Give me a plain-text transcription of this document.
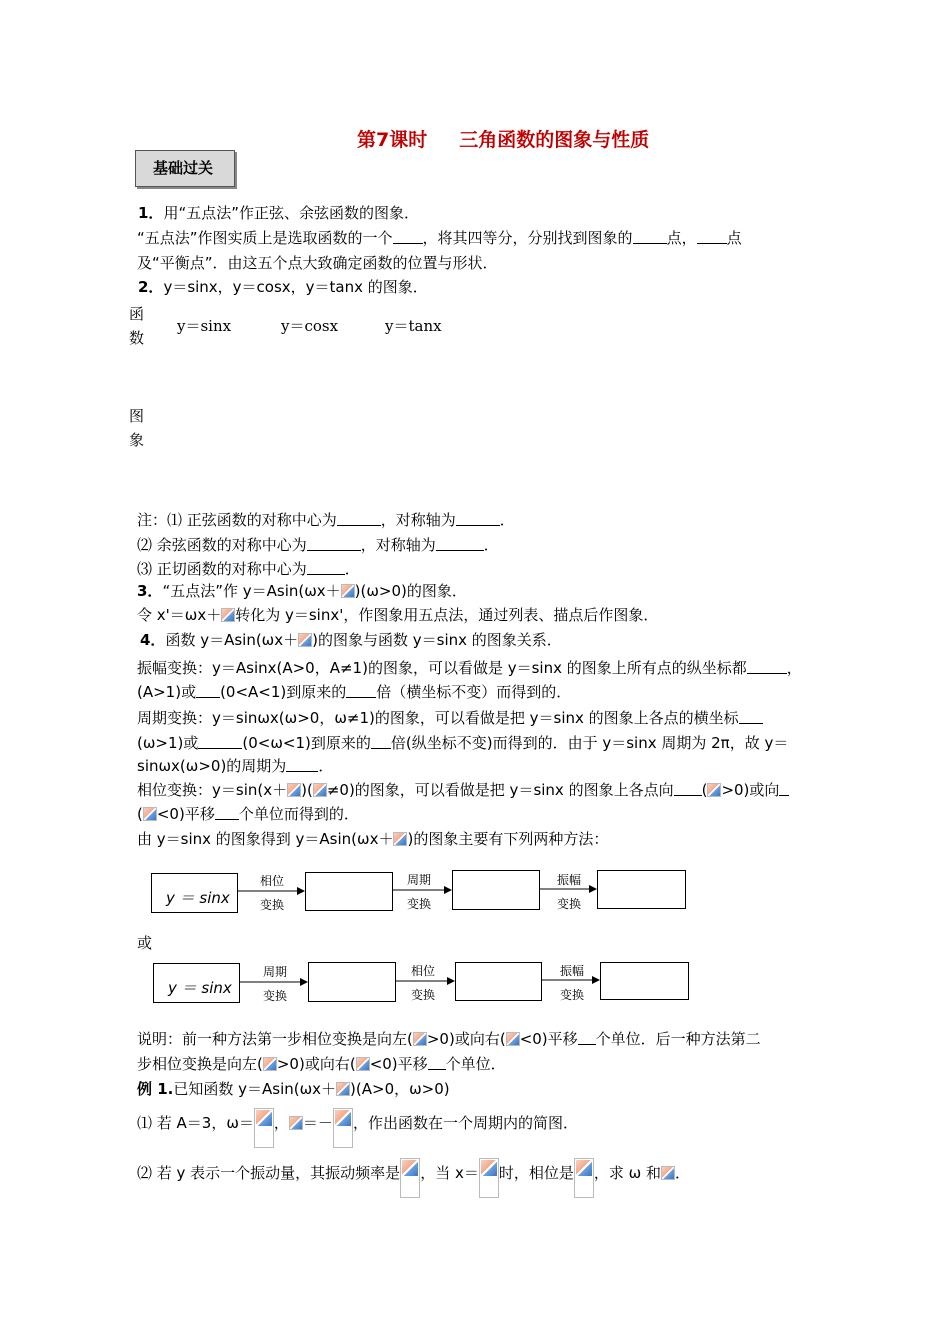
第7课时 三角函数的图象与性质
基础过关
1．用“五点法”作正弦、余弦函数的图象．
“五点法”作图实质上是选取函数的一个 ，将其四等分，分别找到图象的 点， 点
及“平衡点”．由这五个点大致确定函数的位置与形状．
2．y＝sinx，y＝cosx，y＝tanx 的图象．
函
数
y＝sinx	y＝cosx	y＝tanx
图
象
注：⑴ 正弦函数的对称中心为	，对称轴为	．
⑵ 余弦函数的对称中心为	，对称轴为	．
⑶ 正切函数的对称中心为	．
3．“五点法”作 y＝Asin(ωx＋ )(ω>0)的图象．
令 x'＝ωx＋ 转化为 y＝sinx'，作图象用五点法，通过列表、描点后作图象．
4．函数 y＝Asin(ωx＋ )的图象与函数 y＝sinx 的图象关系．
振幅变换：y＝Asinx(A>0，A≠1)的图象，可以看做是 y＝sinx 的图象上所有点的纵坐标都	，
(A>1)或 (0<A<1)到原来的 倍（横坐标不变）而得到的．
周期变换：y＝sinωx(ω>0，ω≠1)的图象，可以看做是把 y＝sinx 的图象上各点的横坐标
(ω>1)或	(0<ω<1)到原来的 倍(纵坐标不变)而得到的．由于 y＝sinx 周期为 2π，故 y＝
sinωx(ω>0)的周期为 ．
相位变换：y＝sin(x＋ )( ≠0)的图象，可以看做是把 y＝sinx 的图象上各点向 ( >0)或向
( <0)平移 个单位而得到的．
由 y＝sinx 的图象得到 y＝Asin(ωx＋ )的图象主要有下列两种方法：
y ＝ sinx
相位
变换
周期
变换
振幅
变换
或
y ＝ sinx
周期
变换
相位
变换
振幅
变换
说明：前一种方法第一步相位变换是向左( >0)或向右( <0)平移 个单位．后一种方法第二
步相位变换是向左( >0)或向右( <0)平移 个单位．
例 1.已知函数 y＝Asin(ωx＋ )(A>0，ω>0)
⑴ 若 A＝3，ω＝ ， ＝－ ，作出函数在一个周期内的简图．
⑵ 若 y 表示一个振动量，其振动频率是 ，当 x＝ 时，相位是 ，求 ω 和 ．
